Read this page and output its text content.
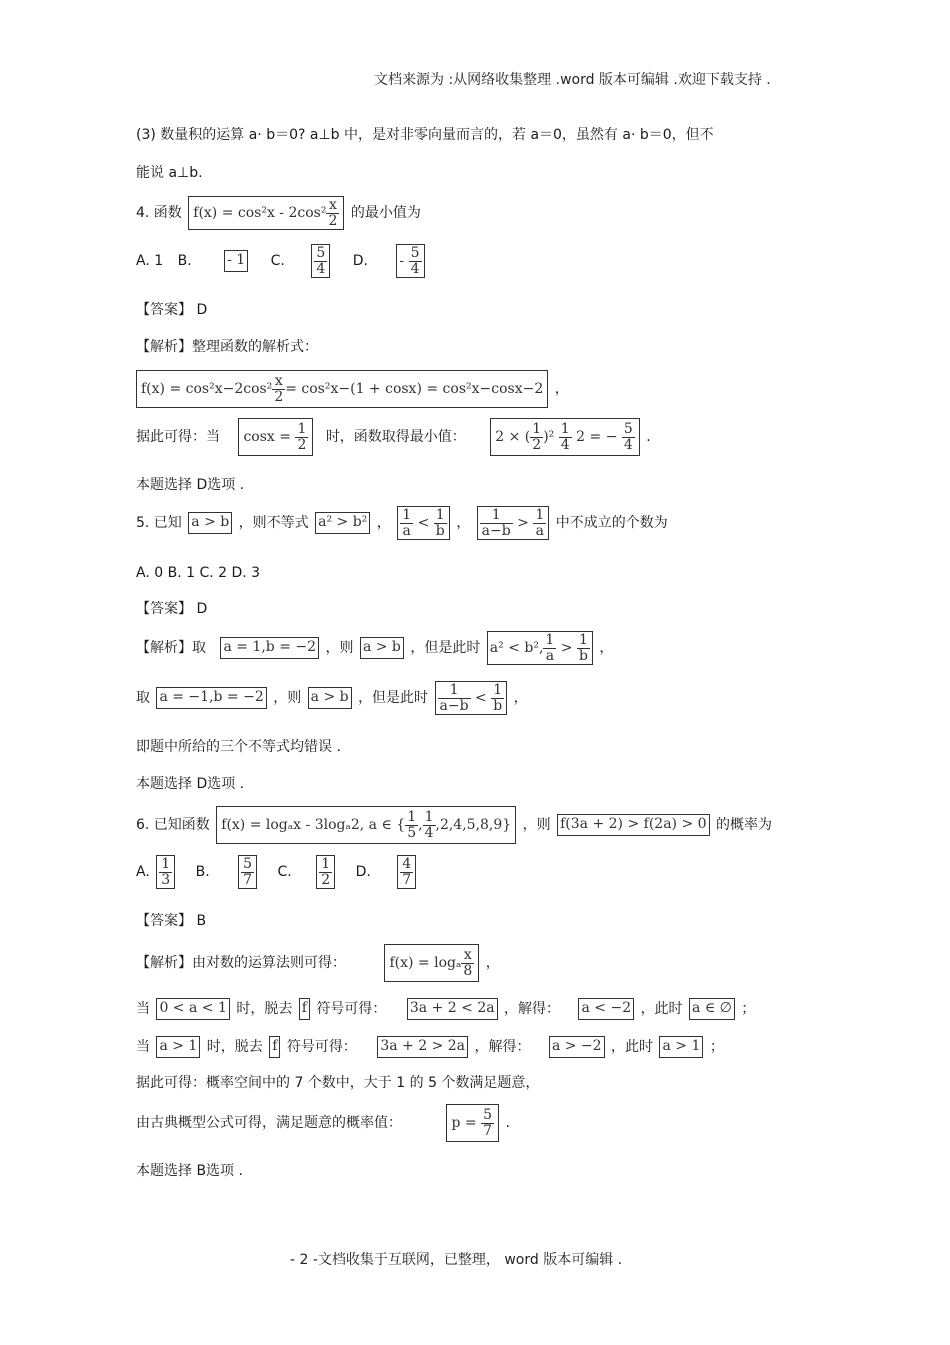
文档来源为 :从网络收集整理 .word 版本可编辑 .欢迎下载支持 .
(3) 数量积的运算 a· b＝0? a⊥b 中，是对非零向量而言的，若 a＝0，虽然有 a· b＝0，但不
能说 a⊥b.
4. 函数 $f(x) = \cos^2x - 2\cos^2 \frac{x}{2}$ 的最小值为
A. 1 B.	- 1 C. $\frac{5}{4} D$. - $\frac{5}{4}$
【答案】 D
【解析】整理函数的解析式：
$f(x) = \cos^2x-2\cos^2 \frac{x}{2} = \cos^2x-(1 + \cos x) = \cos^2x-\cos x-2$ ，
据此可得：当 $\cos x = \frac{1}{2}$ 时，函数取得最小值： 2 × ( $\frac{1}{2} )^2 \frac{1}{4} 2$ = − $\frac{5}{4}$ .
本题选择 D选项 .
5. 已知 a > b ，则不等式 a² > b² ， $\frac{1}{a} < \frac{1}{b}$ ， $\frac{1}{a-b} > \frac{1}{a}$ 中不成立的个数为
A. 0 B. 1 C. 2 D. 3
【答案】 D
【解析】取 a = 1,b = −2 ，则 a > b ，但是此时 a² < b², $\frac{1}{a} > \frac{1}{b}$ ，
取 a = −1,b = −2 ，则 a > b ，但是此时 $\frac{1}{a-b} < \frac{1}{b}$ ，
即题中所给的三个不等式均错误 .
本题选择 D选项 .
6. 已知函数 f(x) = logₐx - 3logₐ2, a ∈ { $\frac{1}{5}$ , $\frac{1}{4} ,2,4,5,8,9$} ，则 f(3a + 2) > f(2a) > 0 的概率为
A. $\frac{1}{3} B$. $\frac{5}{7} C$. $\frac{1}{2} D$. $\frac{4}{7}$
【答案】 B
【解析】由对数的运算法则可得：	f(x) = logₐ $\frac{x}{8}$ ，
当 0 < a < 1 时，脱去 f 符号可得： 3a + 2 < 2a ，解得： a < −2 ，此时 a ∈ ∅ ；
当 a > 1 时，脱去 f 符号可得： 3a + 2 > 2a ，解得： a > −2 ，此时 a > 1 ；
据此可得：概率空间中的 7 个数中，大于 1 的 5 个数满足题意，
由古典概型公式可得，满足题意的概率值：	$p = \frac{5}{7}$ .
本题选择 B选项 .
- 2 -文档收集于互联网，已整理， word 版本可编辑 .
